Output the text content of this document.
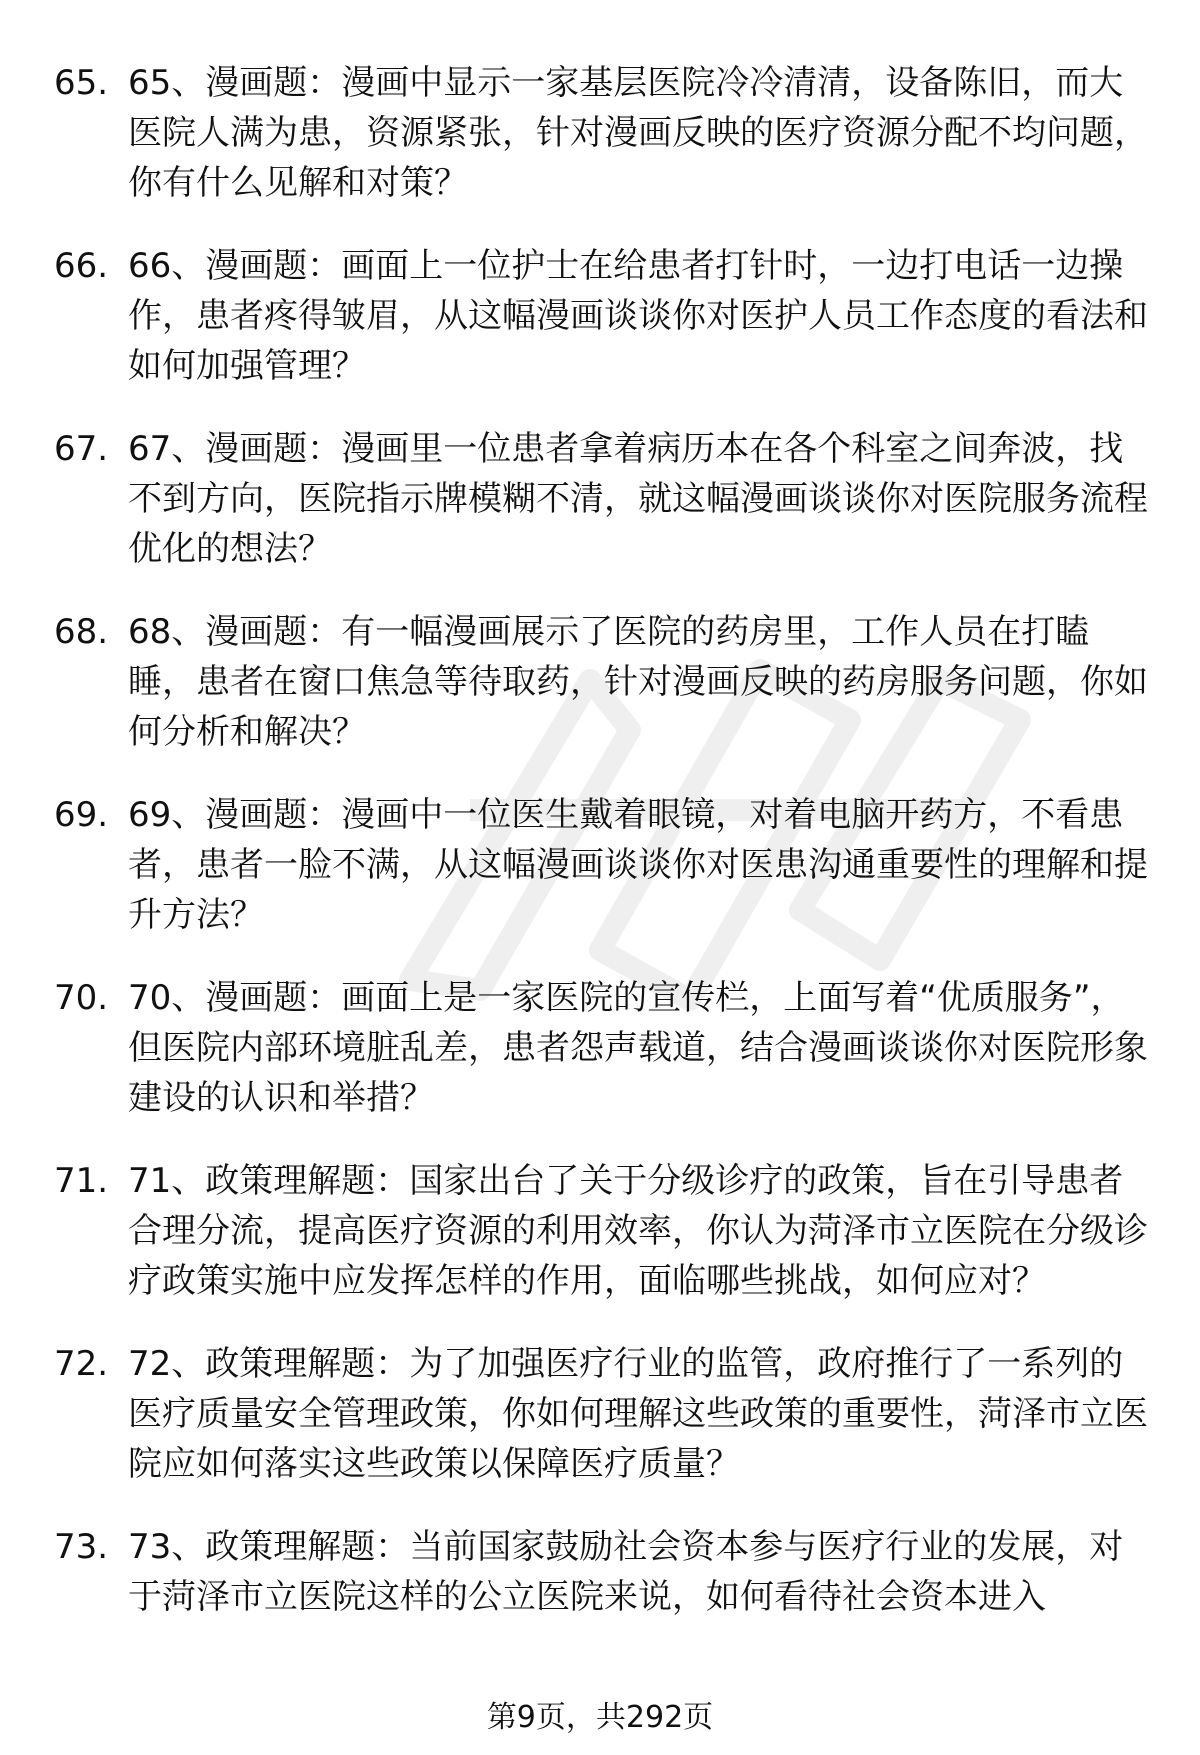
65. 65、漫画题：漫画中显示一家基层医院冷冷清清，设备陈旧，而大医院人满为患，资源紧张，针对漫画反映的医疗资源分配不均问题，你有什么见解和对策？
66. 66、漫画题：画面上一位护士在给患者打针时，一边打电话一边操作，患者疼得皱眉，从这幅漫画谈谈你对医护人员工作态度的看法和如何加强管理？
67. 67、漫画题：漫画里一位患者拿着病历本在各个科室之间奔波，找不到方向，医院指示牌模糊不清，就这幅漫画谈谈你对医院服务流程优化的想法？
68. 68、漫画题：有一幅漫画展示了医院的药房里，工作人员在打瞌睡，患者在窗口焦急等待取药，针对漫画反映的药房服务问题，你如何分析和解决？
69. 69、漫画题：漫画中一位医生戴着眼镜，对着电脑开药方，不看患者，患者一脸不满，从这幅漫画谈谈你对医患沟通重要性的理解和提升方法？
70. 70、漫画题：画面上是一家医院的宣传栏，上面写着“优质服务”，但医院内部环境脏乱差，患者怨声载道，结合漫画谈谈你对医院形象建设的认识和举措？
71. 71、政策理解题：国家出台了关于分级诊疗的政策，旨在引导患者合理分流，提高医疗资源的利用效率，你认为菏泽市立医院在分级诊疗政策实施中应发挥怎样的作用，面临哪些挑战，如何应对？
72. 72、政策理解题：为了加强医疗行业的监管，政府推行了一系列的医疗质量安全管理政策，你如何理解这些政策的重要性，菏泽市立医院应如何落实这些政策以保障医疗质量？
73. 73、政策理解题：当前国家鼓励社会资本参与医疗行业的发展，对于菏泽市立医院这样的公立医院来说，如何看待社会资本进入
第9页，共292页
